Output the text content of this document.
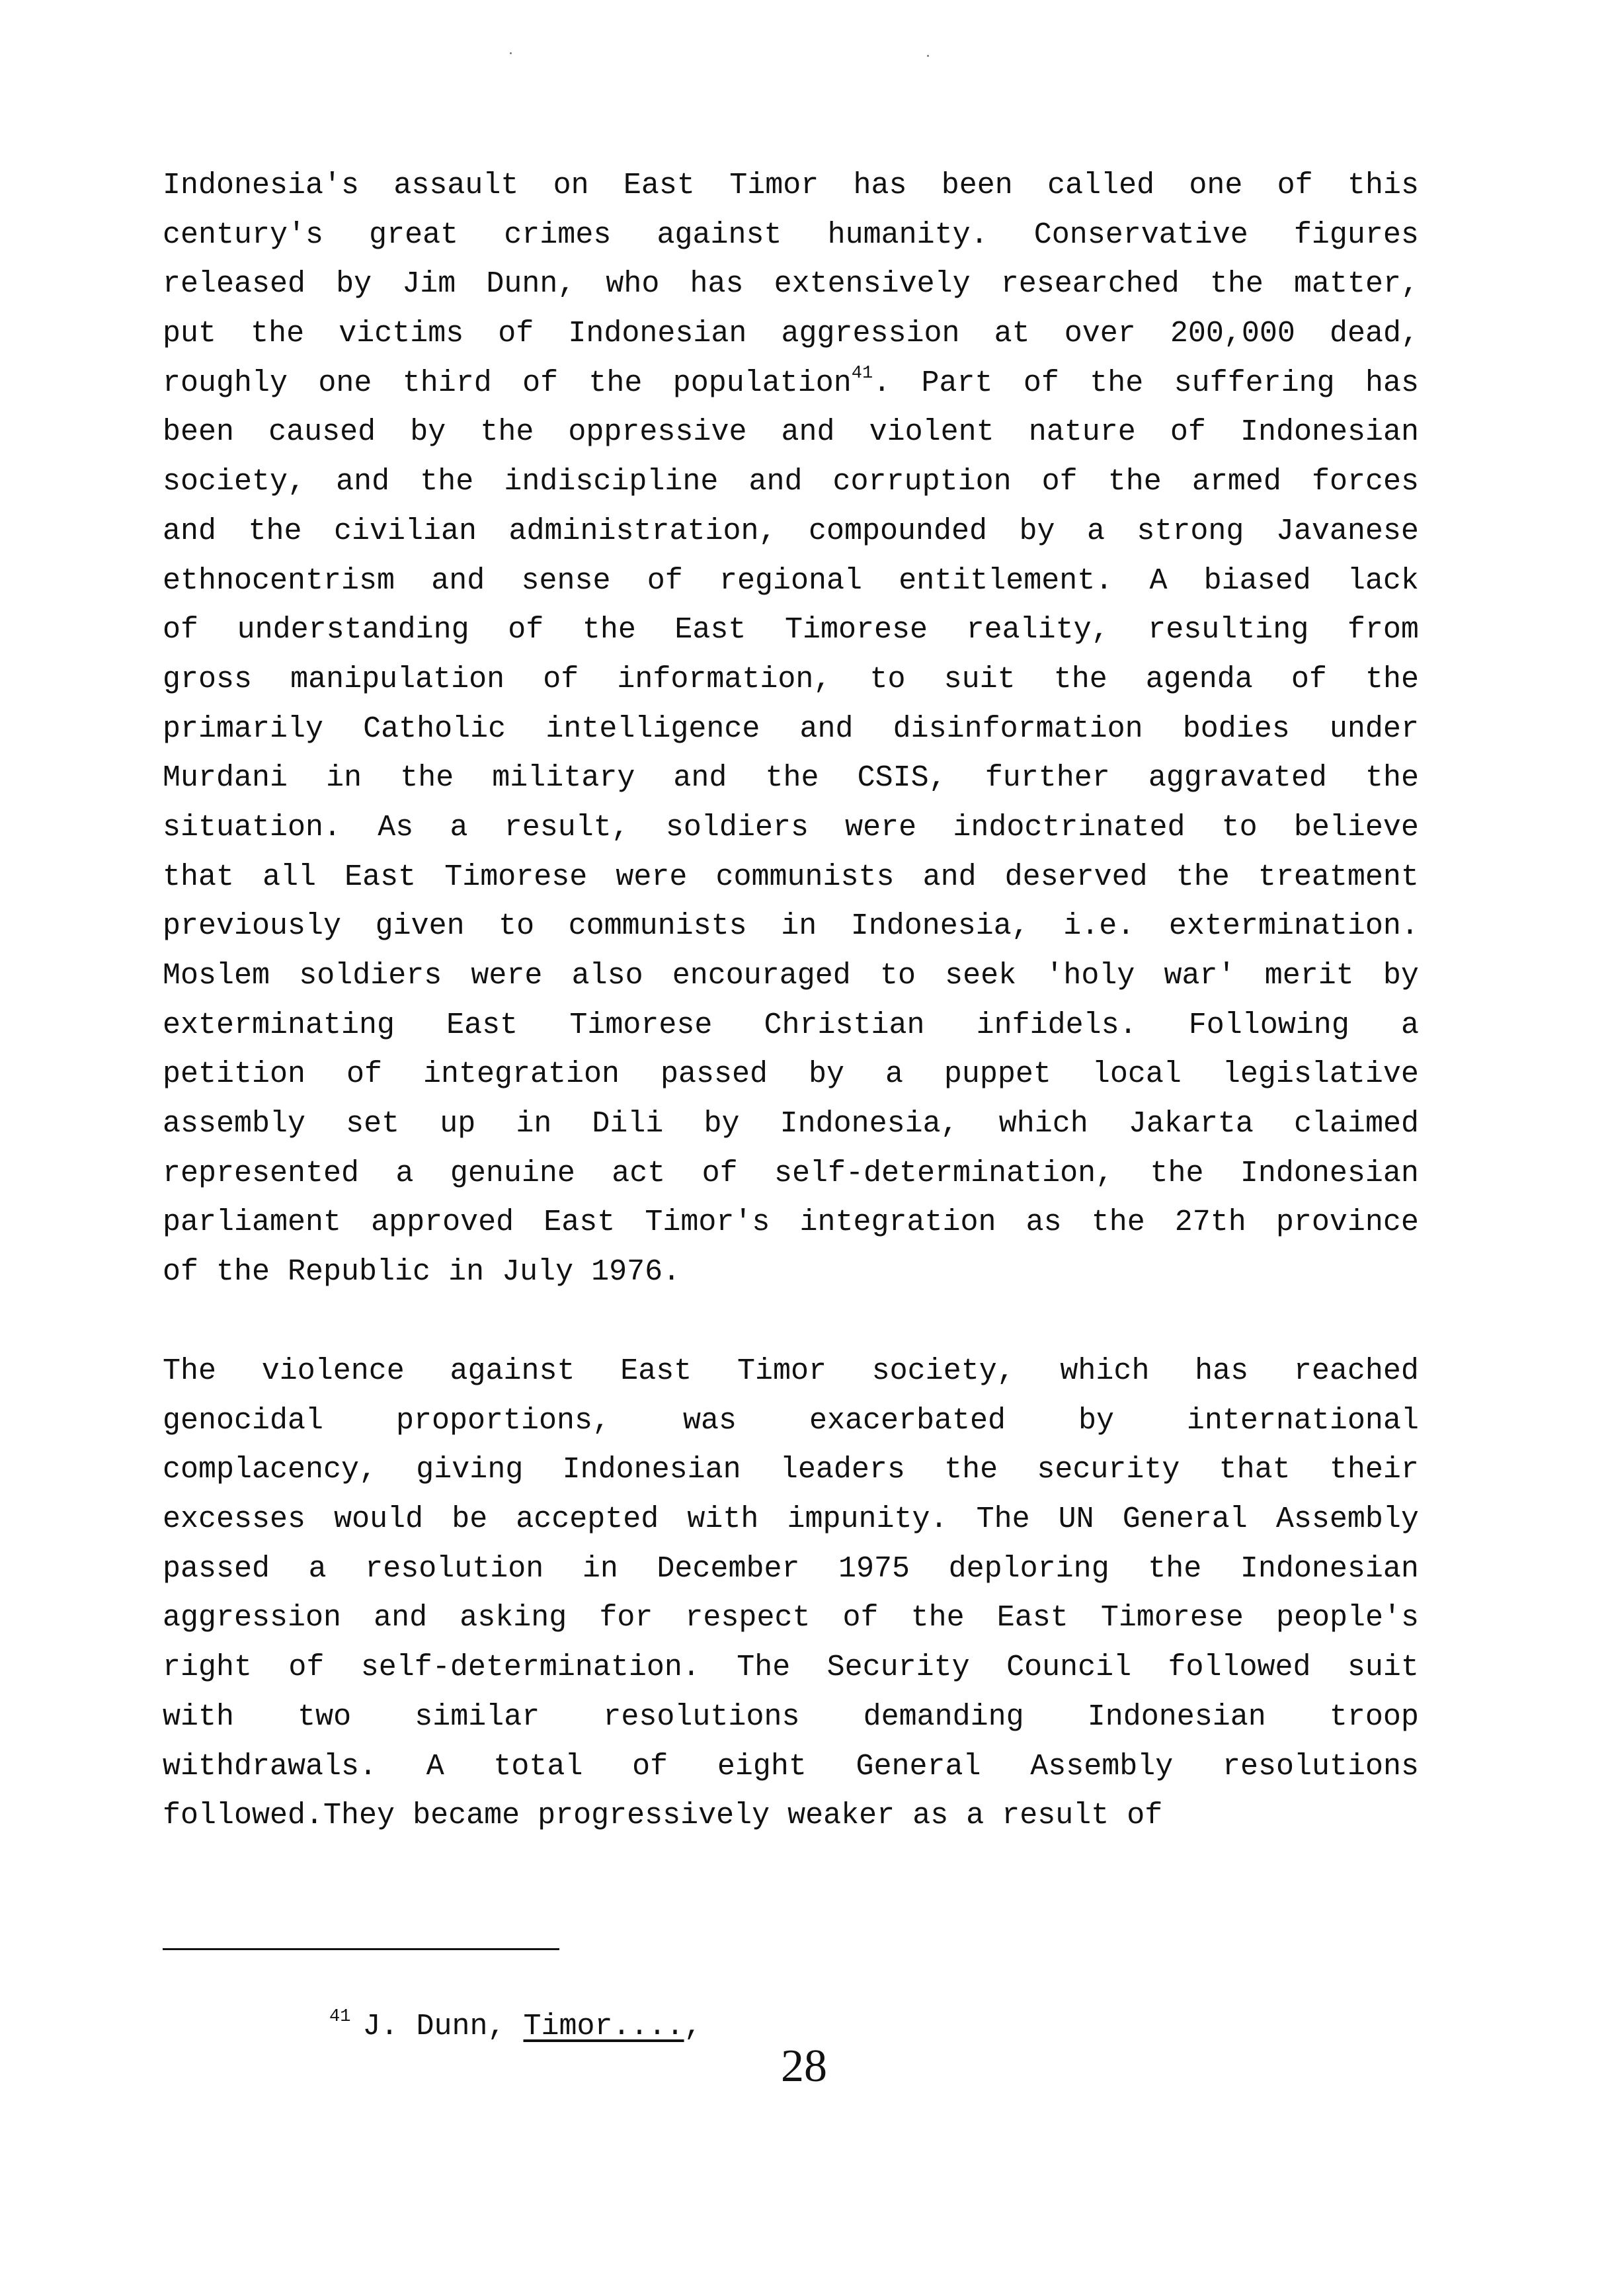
Indonesia's assault on East Timor has been called one of this
century's great crimes against humanity. Conservative figures
released by Jim Dunn, who has extensively researched the matter,
put the victims of Indonesian aggression at over 200,000 dead,
roughly one third of the population$^{41}$. Part of the suffering has
been caused by the oppressive and violent nature of Indonesian
society, and the indiscipline and corruption of the armed forces
and the civilian administration, compounded by a strong Javanese
ethnocentrism and sense of regional entitlement. A biased lack
of understanding of the East Timorese reality, resulting from
gross manipulation of information, to suit the agenda of the
primarily Catholic intelligence and disinformation bodies under
Murdani in the military and the CSIS, further aggravated the
situation. As a result, soldiers were indoctrinated to believe
that all East Timorese were communists and deserved the treatment
previously given to communists in Indonesia, i.e. extermination.
Moslem soldiers were also encouraged to seek 'holy war' merit by
exterminating East Timorese Christian infidels. Following a
petition of integration passed by a puppet local legislative
assembly set up in Dili by Indonesia, which Jakarta claimed
represented a genuine act of self-determination, the Indonesian
parliament approved East Timor's integration as the 27th province
of the Republic in July 1976.
The violence against East Timor society, which has reached
genocidal proportions, was exacerbated by international
complacency, giving Indonesian leaders the security that their
excesses would be accepted with impunity. The UN General Assembly
passed a resolution in December 1975 deploring the Indonesian
aggression and asking for respect of the East Timorese people's
right of self-determination. The Security Council followed suit
with two similar resolutions demanding Indonesian troop
withdrawals. A total of eight General Assembly resolutions
followed.They became progressively weaker as a result of

$^{41}$ J. Dunn, Timor....,

28
